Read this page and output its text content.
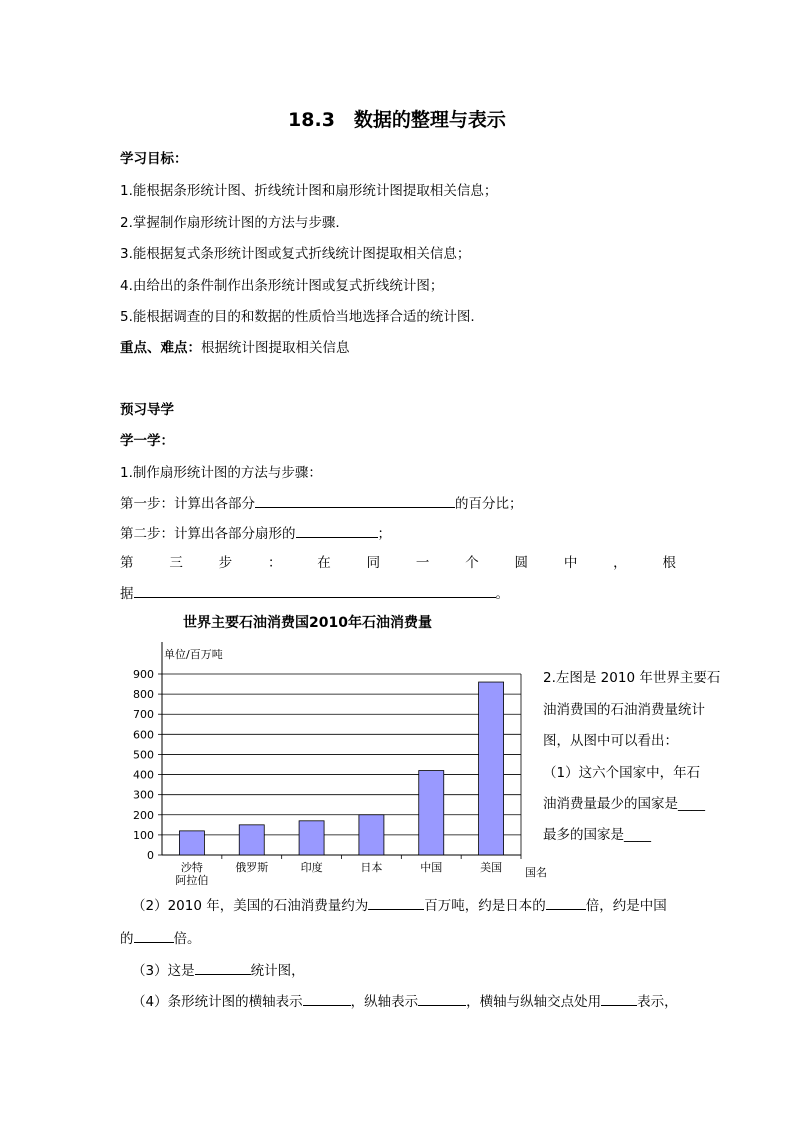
18.3　数据的整理与表示
学习目标：
1.能根据条形统计图、折线统计图和扇形统计图提取相关信息；
2.掌握制作扇形统计图的方法与步骤.
3.能根据复式条形统计图或复式折线统计图提取相关信息；
4.由给出的条件制作出条形统计图或复式折线统计图；
5.能根据调查的目的和数据的性质恰当地选择合适的统计图.
重点、难点：根据统计图提取相关信息
预习导学
学一学：
1.制作扇形统计图的方法与步骤：
第一步：计算出各部分	的百分比；
第二步：计算出各部分扇形的	；
第	三	步	：	在	同	一	个	圆	中	，	根
据	。
世界主要石油消费国2010年石油消费量
单位/百万吨
0
100
200
300
400
500
600
700
800
900
沙特
阿拉伯
俄罗斯	印度	日本	中国	美国 国名
2.左图是 2010 年世界主要石
油消费国的石油消费量统计
图，从图中可以看出：
（1）这六个国家中，年石
油消费量最少的国家是____
最多的国家是____
（2）2010 年，美国的石油消费量约为	百万吨，约是日本的	倍，约是中国
的	倍。
（3）这是	统计图，
（4）条形统计图的横轴表示	，纵轴表示	，横轴与纵轴交点处用	表示，
